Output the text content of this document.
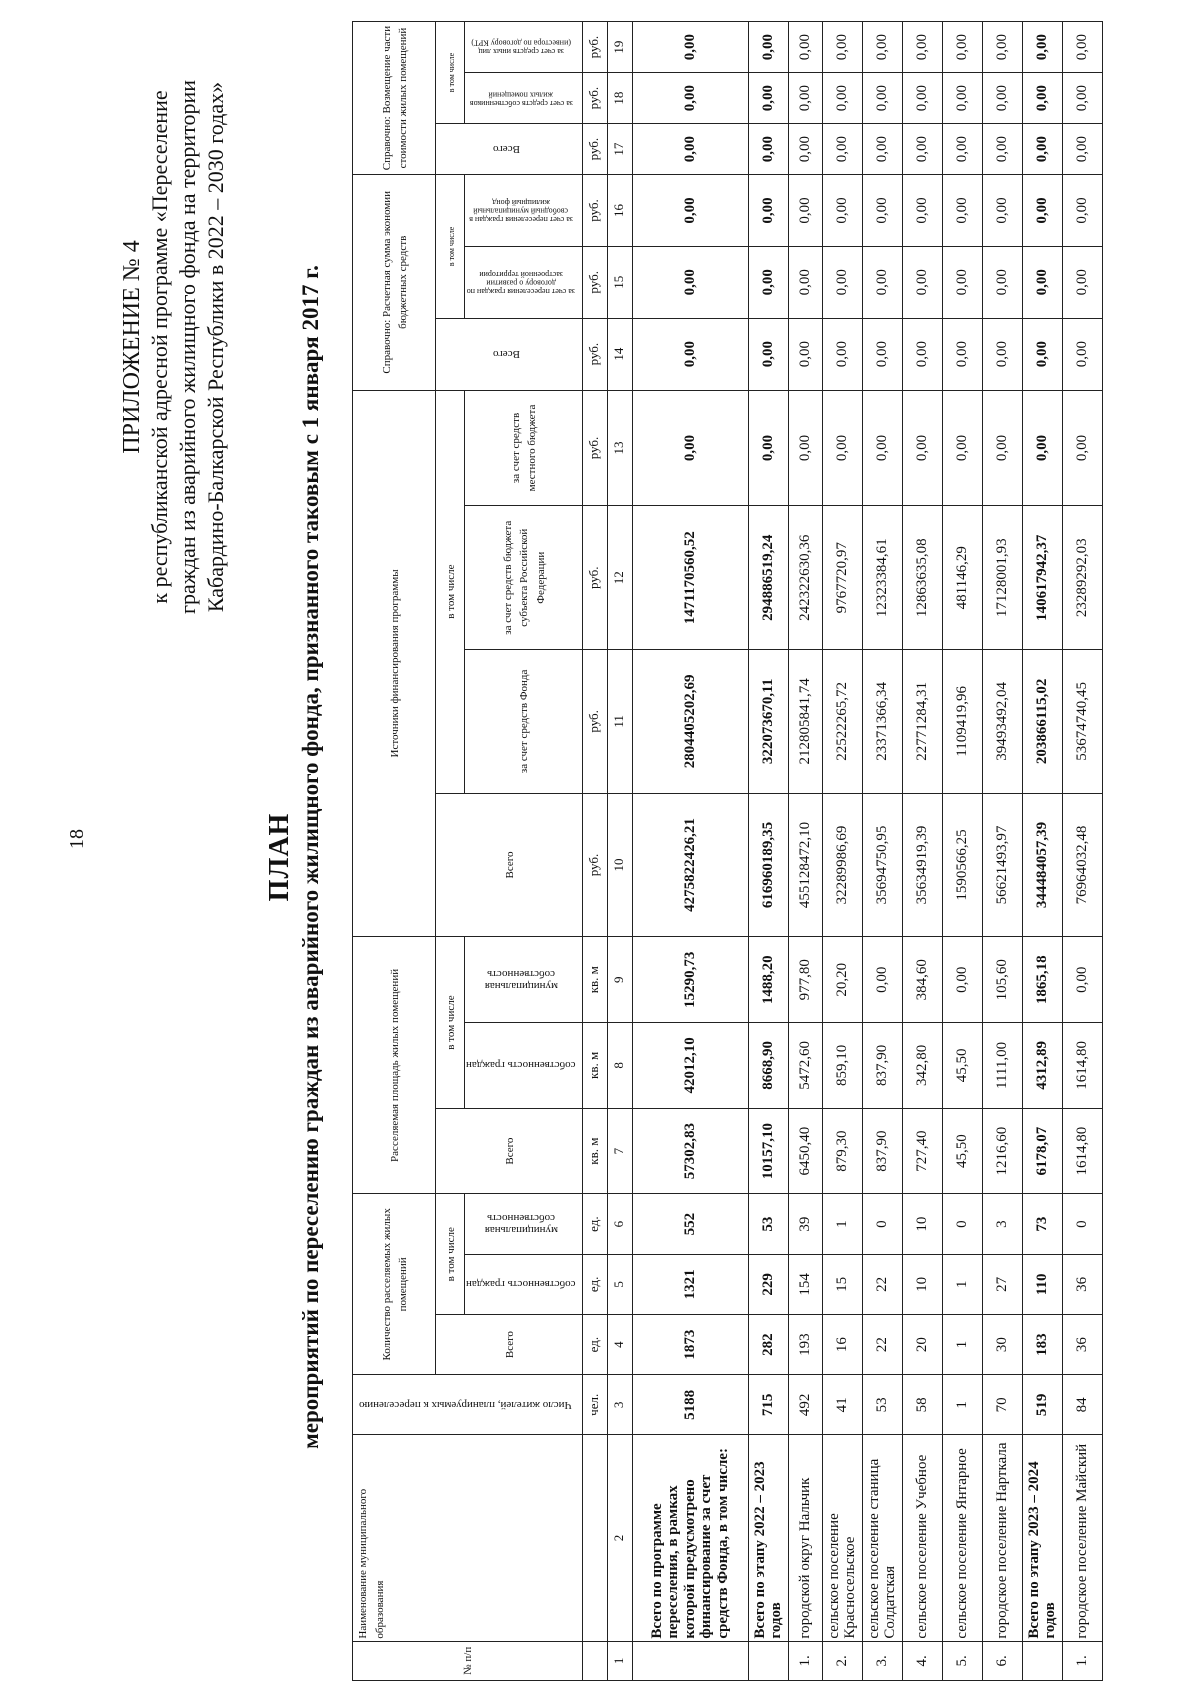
18
ПРИЛОЖЕНИЕ № 4 к республиканской адресной программе «Переселение граждан из аварийного жилищного фонда на территории Кабардино-Балкарской Республики в 2022 – 2030 годах»
ПЛАН мероприятий по переселению граждан из аварийного жилищного фонда, признанного таковым с 1 января 2017 г.
№ п/п	Наименование муниципального образования	Число жителей, планируемых к переселению	Количество расселяемых жилых помещений			Расселяемая площадь жилых помещений			Источники финансирования программы				Справочно: Расчетная сумма экономии бюджетных средств			Справочно: Возмещение части стоимости жилых помещений		
			Всего	в том числе		Всего	в том числе		Всего	в том числе			Всего	в том числе		Всего	в том числе	
				собственность граждан	муниципальная собственность		собственность граждан	муниципальная собственность		за счет средств Фонда	за счет средств бюджета субъекта Российской Федерации	за счет средств местного бюджета		за счет переселения граждан по договору о развитии застроенной территории	за счет переселения граждан в свободный муниципальный жилищный фонд		за счет средств собственников жилых помещений	за счет средств иных лиц (инвестора по договору КРТ)
		чел.	ед.	ед.	ед.	кв. м	кв. м	кв. м	руб.	руб.	руб.	руб.	руб.	руб.	руб.	руб.	руб.	руб.
1	2	3	4	5	6	7	8	9	10	11	12	13	14	15	16	17	18	19
	Всего по программе переселения, в рамках которой предусмотрено финансирование за счет средств Фонда, в том числе:	5188	1873	1321	552	57302,83	42012,10	15290,73	4275822426,21	2804405202,69	1471170560,52	0,00	0,00	0,00	0,00	0,00	0,00	0,00
	Всего по этапу 2022 – 2023 годов	715	282	229	53	10157,10	8668,90	1488,20	616960189,35	322073670,11	294886519,24	0,00	0,00	0,00	0,00	0,00	0,00	0,00
1.	городской округ Нальчик	492	193	154	39	6450,40	5472,60	977,80	455128472,10	212805841,74	242322630,36	0,00	0,00	0,00	0,00	0,00	0,00	0,00
2.	сельское поселение Красносельское	41	16	15	1	879,30	859,10	20,20	32289986,69	22522265,72	9767720,97	0,00	0,00	0,00	0,00	0,00	0,00	0,00
3.	сельское поселение станица Солдатская	53	22	22	0	837,90	837,90	0,00	35694750,95	23371366,34	12323384,61	0,00	0,00	0,00	0,00	0,00	0,00	0,00
4.	сельское поселение Учебное	58	20	10	10	727,40	342,80	384,60	35634919,39	22771284,31	12863635,08	0,00	0,00	0,00	0,00	0,00	0,00	0,00
5.	сельское поселение Янтарное	1	1	1	0	45,50	45,50	0,00	1590566,25	1109419,96	481146,29	0,00	0,00	0,00	0,00	0,00	0,00	0,00
6.	городское поселение Нарткала	70	30	27	3	1216,60	1111,00	105,60	56621493,97	39493492,04	17128001,93	0,00	0,00	0,00	0,00	0,00	0,00	0,00
	Всего по этапу 2023 – 2024 годов	519	183	110	73	6178,07	4312,89	1865,18	344484057,39	203866115,02	140617942,37	0,00	0,00	0,00	0,00	0,00	0,00	0,00
1.	городское поселение Майский	84	36	36	0	1614,80	1614,80	0,00	76964032,48	53674740,45	23289292,03	0,00	0,00	0,00	0,00	0,00	0,00	0,00
